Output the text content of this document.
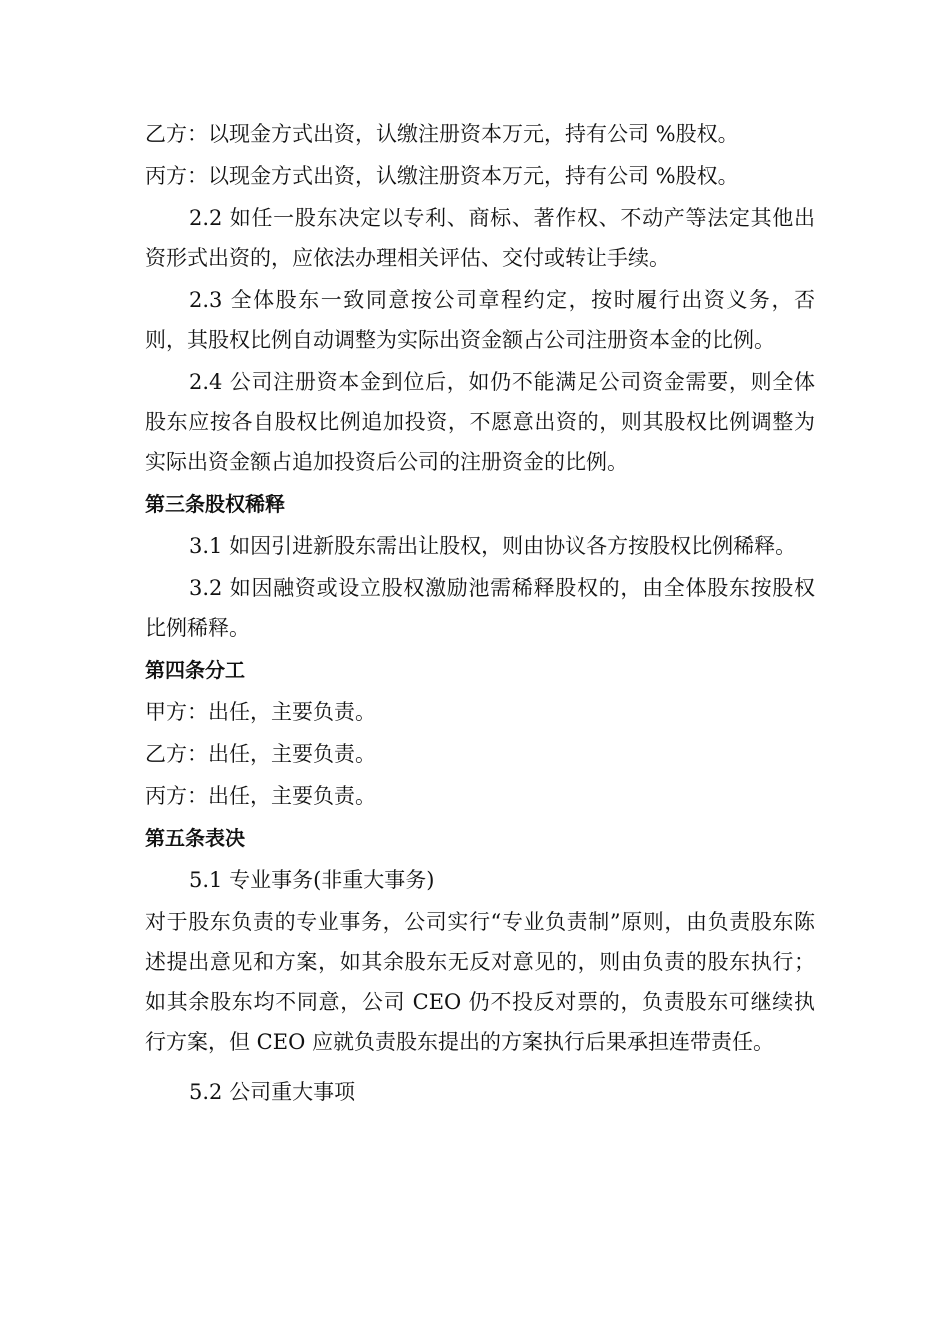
乙方：以现金方式出资，认缴注册资本万元，持有公司 %股权。

丙方：以现金方式出资，认缴注册资本万元，持有公司 %股权。

2.2 如任一股东决定以专利、商标、著作权、不动产等法定其他出资形式出资的，应依法办理相关评估、交付或转让手续。

2.3 全体股东一致同意按公司章程约定，按时履行出资义务，否则，其股权比例自动调整为实际出资金额占公司注册资本金的比例。

2.4 公司注册资本金到位后，如仍不能满足公司资金需要，则全体股东应按各自股权比例追加投资，不愿意出资的，则其股权比例调整为实际出资金额占追加投资后公司的注册资金的比例。

第三条股权稀释

3.1 如因引进新股东需出让股权，则由协议各方按股权比例稀释。

3.2 如因融资或设立股权激励池需稀释股权的，由全体股东按股权比例稀释。

第四条分工

甲方：出任，主要负责。

乙方：出任，主要负责。

丙方：出任，主要负责。

第五条表决

5.1 专业事务(非重大事务)

对于股东负责的专业事务，公司实行“专业负责制”原则，由负责股东陈述提出意见和方案，如其余股东无反对意见的，则由负责的股东执行；如其余股东均不同意，公司 CEO 仍不投反对票的，负责股东可继续执行方案，但 CEO 应就负责股东提出的方案执行后果承担连带责任。

5.2 公司重大事项
